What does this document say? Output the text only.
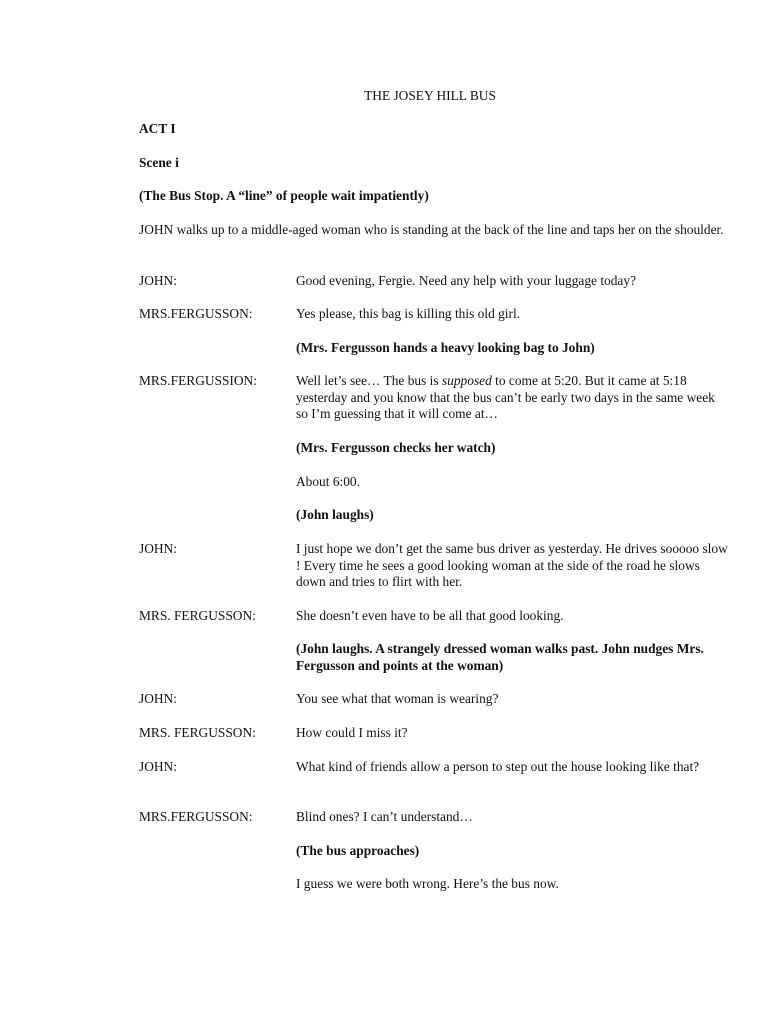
THE JOSEY HILL BUS
ACT I
Scene i
(The Bus Stop. A “line” of people wait impatiently)
JOHN walks up to a middle-aged woman who is standing at the back of the line and taps her on the shoulder.
JOHN:	Good evening, Fergie. Need any help with your luggage today?
MRS.FERGUSSON:	Yes please, this bag is killing this old girl.
(Mrs. Fergusson hands a heavy looking bag to John)
MRS.FERGUSSION:	Well let’s see… The bus is supposed to come at 5:20. But it came at 5:18 yesterday and you know that the bus can’t be early two days in the same week so I’m guessing that it will come at…
(Mrs. Fergusson checks her watch)
About 6:00.
(John laughs)
JOHN:	I just hope we don’t get the same bus driver as yesterday. He drives sooooo slow ! Every time he sees a good looking woman at the side of the road he slows down and tries to flirt with her.
MRS. FERGUSSON:	She doesn’t even have to be all that good looking.
(John laughs. A strangely dressed woman walks past. John nudges Mrs. Fergusson and points at the woman)
JOHN:	You see what that woman is wearing?
MRS. FERGUSSON:	How could I miss it?
JOHN:	What kind of friends allow a person to step out the house looking like that?
MRS.FERGUSSON:	Blind ones? I can’t understand…
(The bus approaches)
I guess we were both wrong. Here’s the bus now.
